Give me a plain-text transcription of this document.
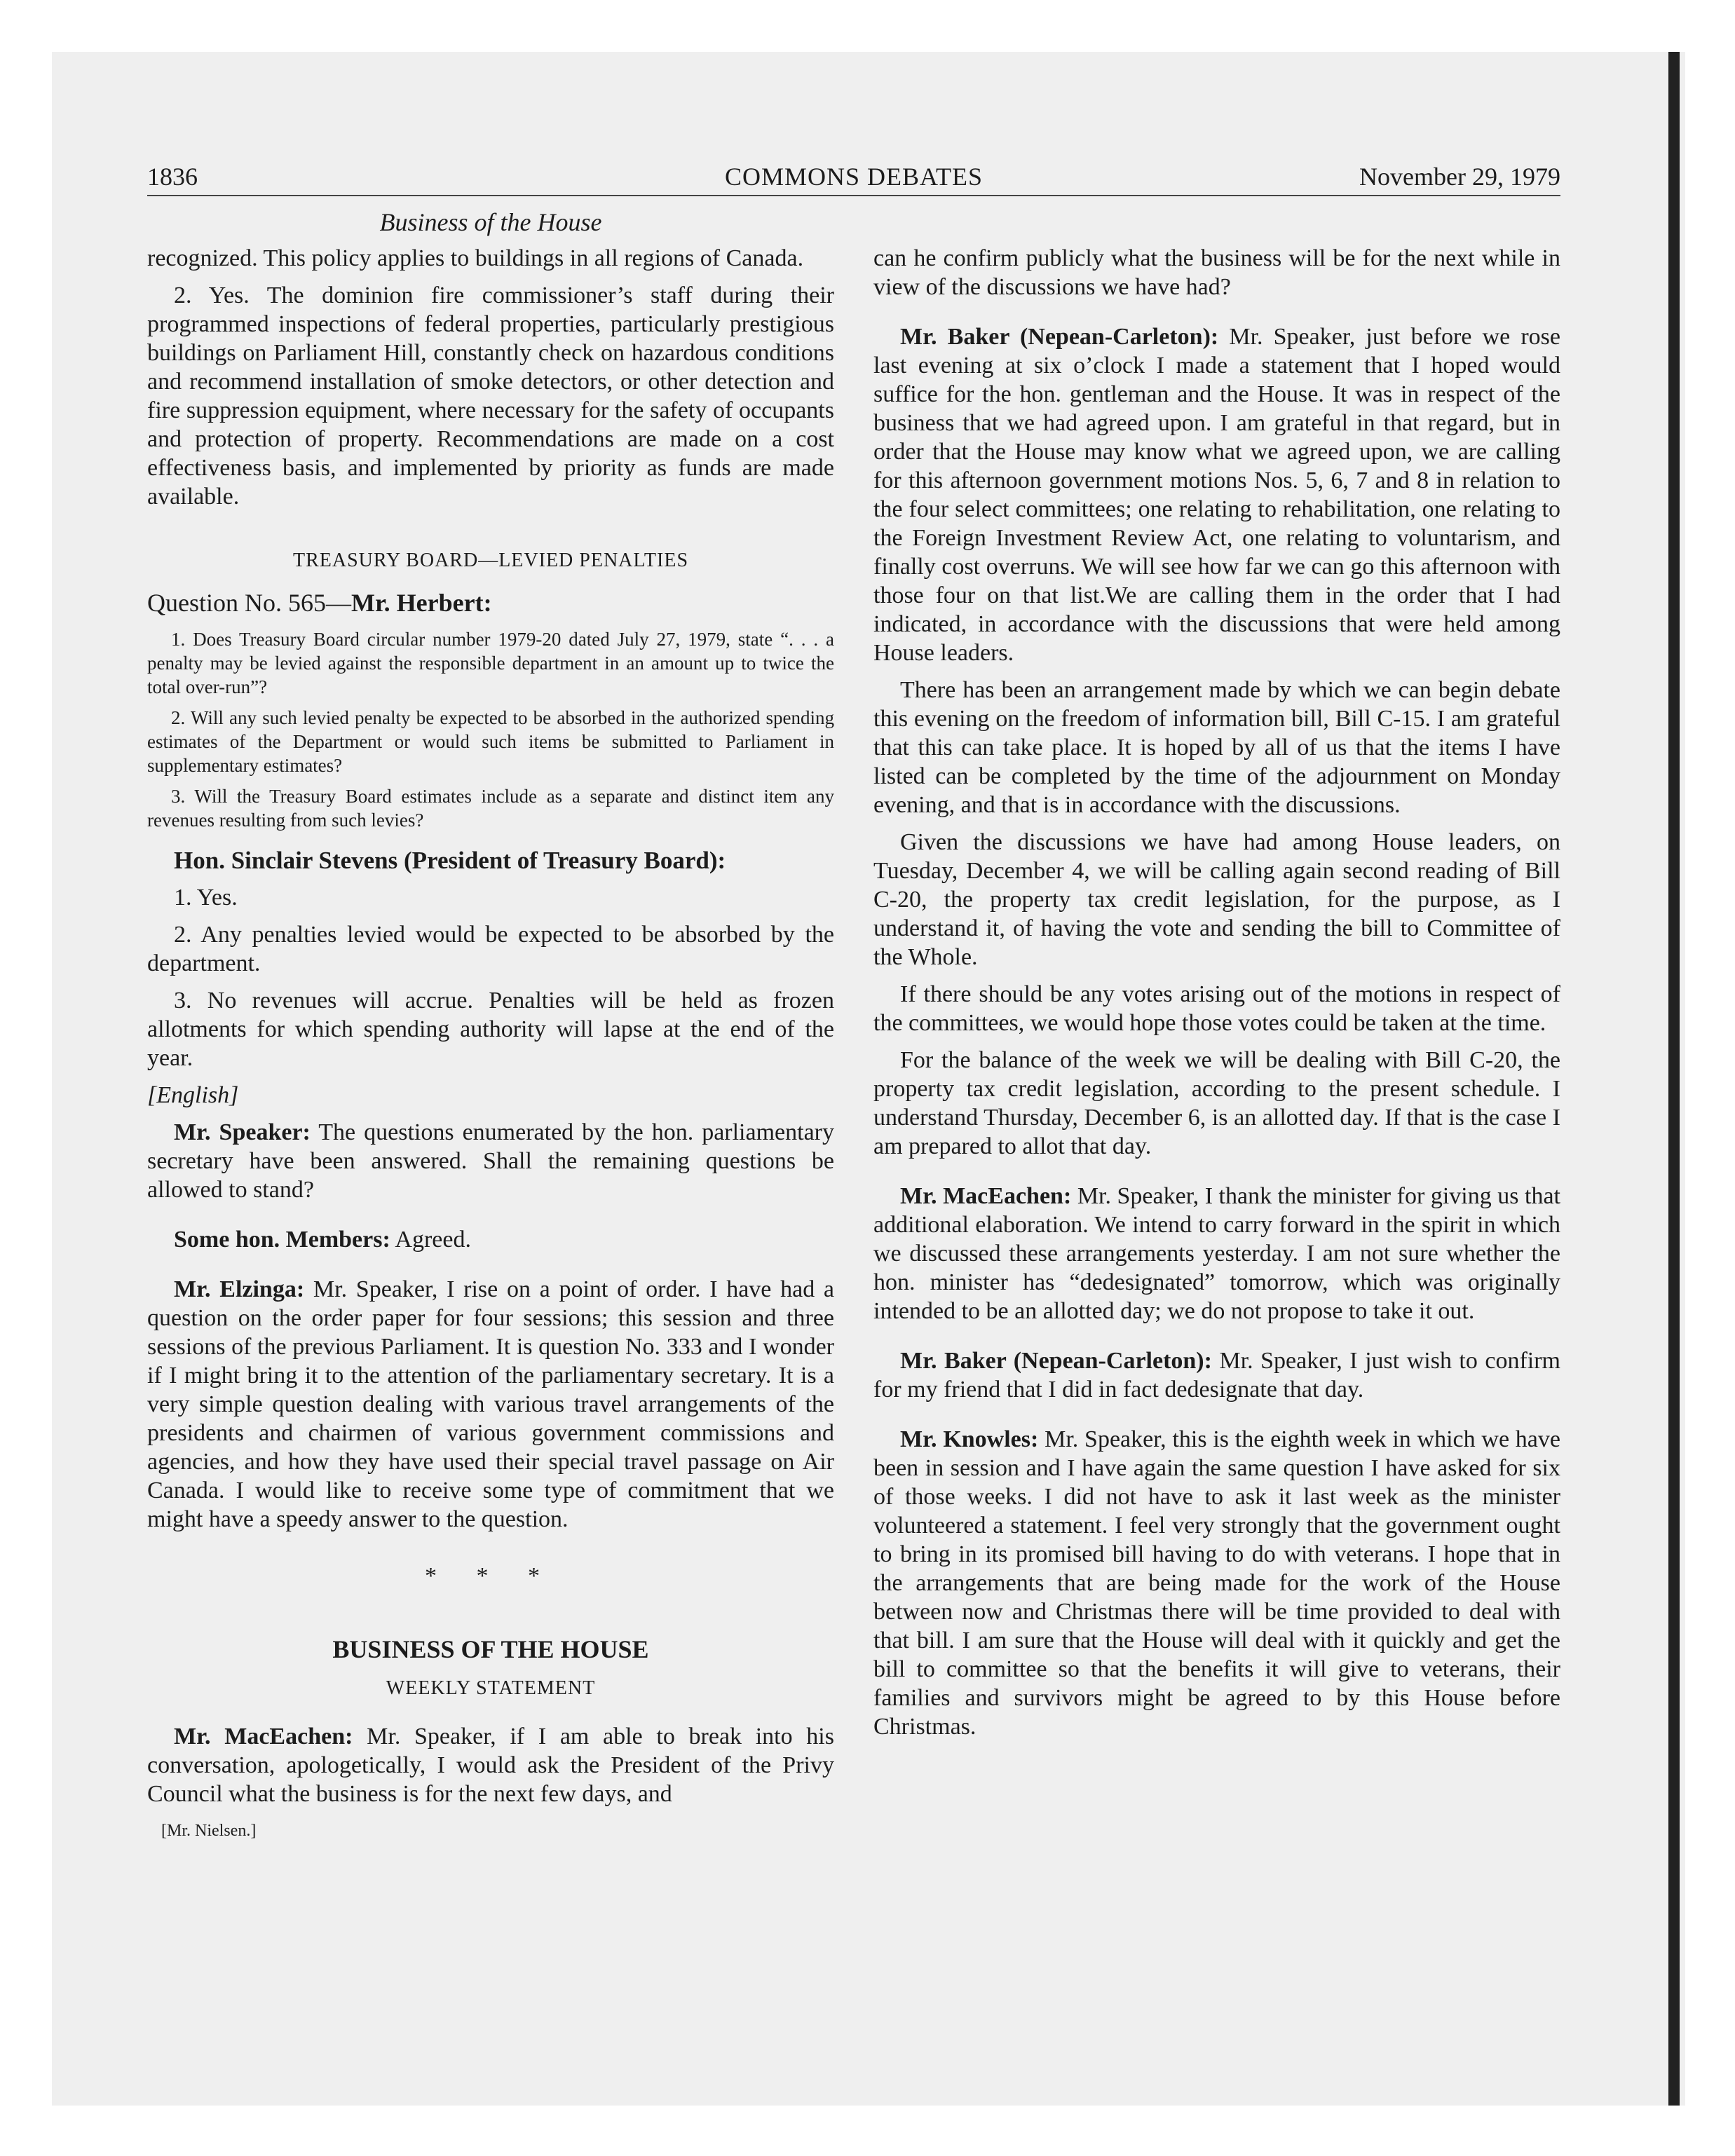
1836	COMMONS DEBATES	November 29, 1979
Business of the House

recognized. This policy applies to buildings in all regions of Canada.

2. Yes. The dominion fire commissioner’s staff during their programmed inspections of federal properties, particularly prestigious buildings on Parliament Hill, constantly check on hazardous conditions and recommend installation of smoke detectors, or other detection and fire suppression equipment, where necessary for the safety of occupants and protection of property. Recommendations are made on a cost effectiveness basis, and implemented by priority as funds are made available.

TREASURY BOARD—LEVIED PENALTIES

Question No. 565—Mr. Herbert:

1. Does Treasury Board circular number 1979-20 dated July 27, 1979, state “. . . a penalty may be levied against the responsible department in an amount up to twice the total over-run”?

2. Will any such levied penalty be expected to be absorbed in the authorized spending estimates of the Department or would such items be submitted to Parliament in supplementary estimates?

3. Will the Treasury Board estimates include as a separate and distinct item any revenues resulting from such levies?

Hon. Sinclair Stevens (President of Treasury Board):

1. Yes.

2. Any penalties levied would be expected to be absorbed by the department.

3. No revenues will accrue. Penalties will be held as frozen allotments for which spending authority will lapse at the end of the year.

[English]

Mr. Speaker: The questions enumerated by the hon. parliamentary secretary have been answered. Shall the remaining questions be allowed to stand?

Some hon. Members: Agreed.

Mr. Elzinga: Mr. Speaker, I rise on a point of order. I have had a question on the order paper for four sessions; this session and three sessions of the previous Parliament. It is question No. 333 and I wonder if I might bring it to the attention of the parliamentary secretary. It is a very simple question dealing with various travel arrangements of the presidents and chairmen of various government commissions and agencies, and how they have used their special travel passage on Air Canada. I would like to receive some type of commitment that we might have a speedy answer to the question.

* * *

BUSINESS OF THE HOUSE

WEEKLY STATEMENT

Mr. MacEachen: Mr. Speaker, if I am able to break into his conversation, apologetically, I would ask the President of the Privy Council what the business is for the next few days, and

[Mr. Nielsen.]

can he confirm publicly what the business will be for the next while in view of the discussions we have had?

Mr. Baker (Nepean-Carleton): Mr. Speaker, just before we rose last evening at six o’clock I made a statement that I hoped would suffice for the hon. gentleman and the House. It was in respect of the business that we had agreed upon. I am grateful in that regard, but in order that the House may know what we agreed upon, we are calling for this afternoon government motions Nos. 5, 6, 7 and 8 in relation to the four select committees; one relating to rehabilitation, one relating to the Foreign Investment Review Act, one relating to voluntarism, and finally cost overruns. We will see how far we can go this afternoon with those four on that list.We are calling them in the order that I had indicated, in accordance with the discussions that were held among House leaders.

There has been an arrangement made by which we can begin debate this evening on the freedom of information bill, Bill C-15. I am grateful that this can take place. It is hoped by all of us that the items I have listed can be completed by the time of the adjournment on Monday evening, and that is in accordance with the discussions.

Given the discussions we have had among House leaders, on Tuesday, December 4, we will be calling again second reading of Bill C-20, the property tax credit legislation, for the purpose, as I understand it, of having the vote and sending the bill to Committee of the Whole.

If there should be any votes arising out of the motions in respect of the committees, we would hope those votes could be taken at the time.

For the balance of the week we will be dealing with Bill C-20, the property tax credit legislation, according to the present schedule. I understand Thursday, December 6, is an allotted day. If that is the case I am prepared to allot that day.

Mr. MacEachen: Mr. Speaker, I thank the minister for giving us that additional elaboration. We intend to carry forward in the spirit in which we discussed these arrangements yesterday. I am not sure whether the hon. minister has “dedesignated” tomorrow, which was originally intended to be an allotted day; we do not propose to take it out.

Mr. Baker (Nepean-Carleton): Mr. Speaker, I just wish to confirm for my friend that I did in fact dedesignate that day.

Mr. Knowles: Mr. Speaker, this is the eighth week in which we have been in session and I have again the same question I have asked for six of those weeks. I did not have to ask it last week as the minister volunteered a statement. I feel very strongly that the government ought to bring in its promised bill having to do with veterans. I hope that in the arrangements that are being made for the work of the House between now and Christmas there will be time provided to deal with that bill. I am sure that the House will deal with it quickly and get the bill to committee so that the benefits it will give to veterans, their families and survivors might be agreed to by this House before Christmas.
